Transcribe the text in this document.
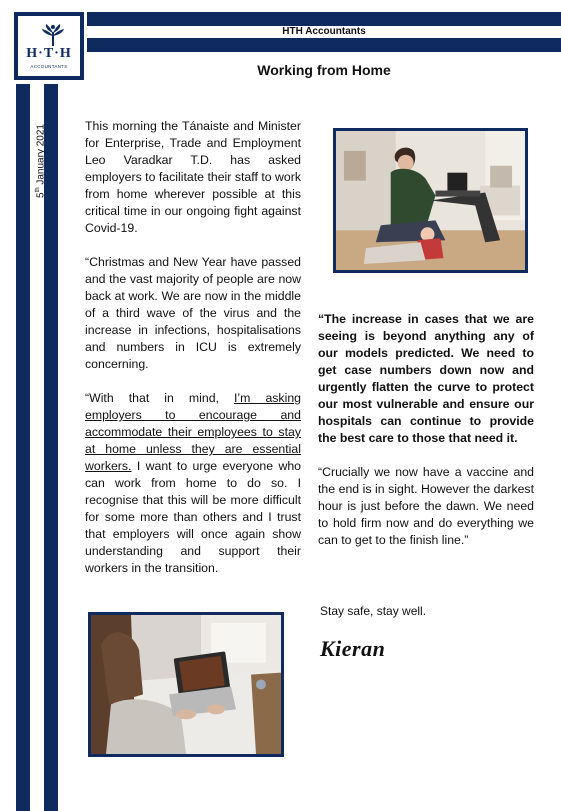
H·T·H
ACCOUNTANTS
HTH Accountants
Working from Home
5th January 2021	This morning the Tánaiste and Minister for Enterprise, Trade and Employment Leo Varadkar T.D. has asked employers to facilitate their staff to work from home wherever possible at this critical time in our ongoing fight against Covid-19.

“Christmas and New Year have passed and the vast majority of people are now back at work. We are now in the middle of a third wave of the virus and the increase in infections, hospitalisations and numbers in ICU is extremely concerning.

“With that in mind, I’m asking employers to encourage and accommodate their employees to stay at home unless they are essential workers. I want to urge everyone who can work from home to do so. I recognise that this will be more difficult for some more than others and I trust that employers will once again show understanding and support their workers in the transition.

“The increase in cases that we are seeing is beyond anything any of our models predicted. We need to get case numbers down now and urgently flatten the curve to protect our most vulnerable and ensure our hospitals can continue to provide the best care to those that need it.

“Crucially we now have a vaccine and the end is in sight. However the darkest hour is just before the dawn. We need to hold firm now and do everything we can to get to the finish line.”

Stay safe, stay well.
Kieran
